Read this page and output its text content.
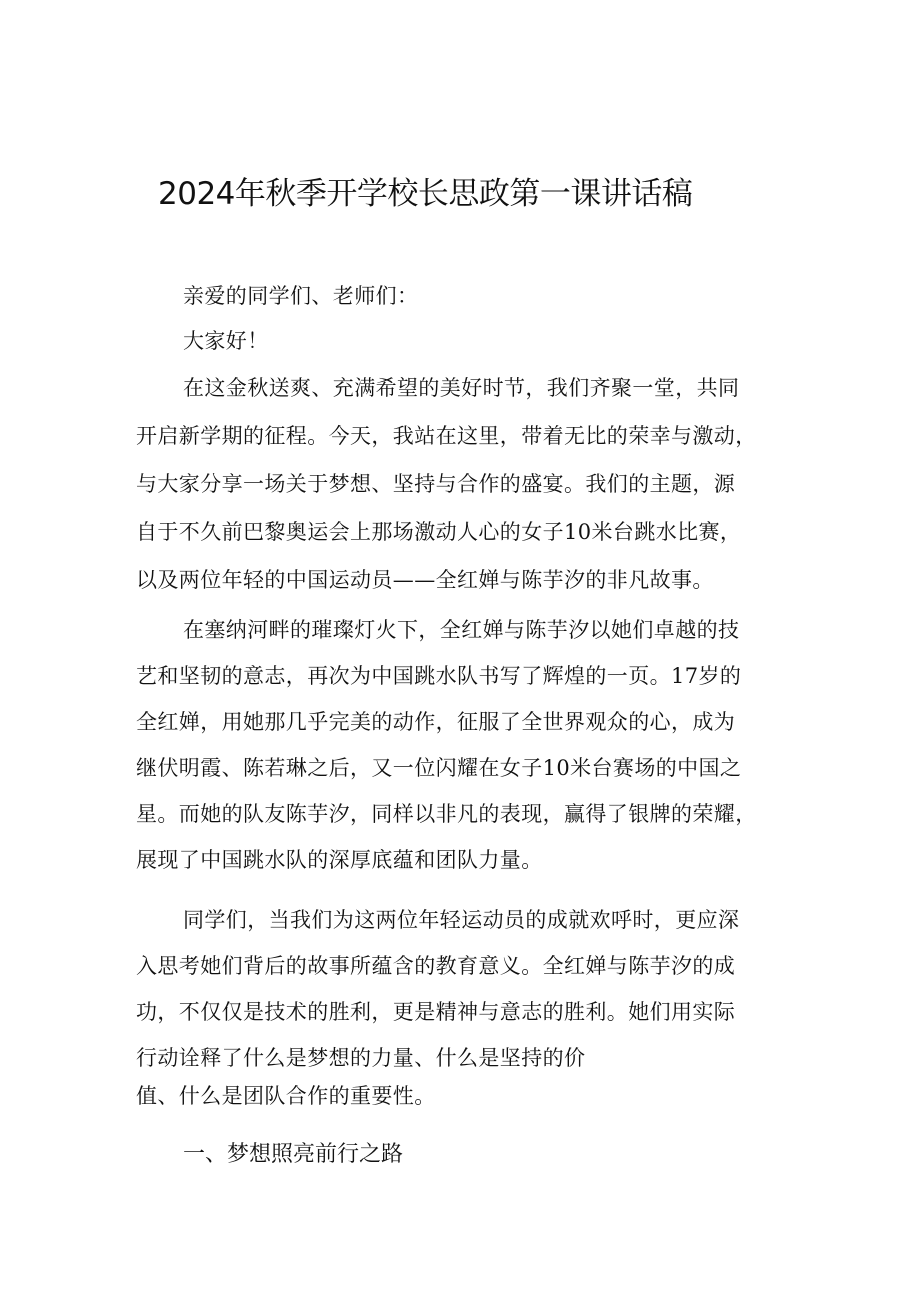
2024年秋季开学校长思政第一课讲话稿
亲爱的同学们、老师们：
大家好！
在这金秋送爽、充满希望的美好时节，我们齐聚一堂，共同
开启新学期的征程。今天，我站在这里，带着无比的荣幸与激动，
与大家分享一场关于梦想、坚持与合作的盛宴。我们的主题，源
自于不久前巴黎奥运会上那场激动人心的女子10米台跳水比赛，
以及两位年轻的中国运动员——全红婵与陈芋汐的非凡故事。
在塞纳河畔的璀璨灯火下，全红婵与陈芋汐以她们卓越的技
艺和坚韧的意志，再次为中国跳水队书写了辉煌的一页。17岁的
全红婵，用她那几乎完美的动作，征服了全世界观众的心，成为
继伏明霞、陈若琳之后，又一位闪耀在女子10米台赛场的中国之
星。而她的队友陈芋汐，同样以非凡的表现，赢得了银牌的荣耀，
展现了中国跳水队的深厚底蕴和团队力量。
同学们，当我们为这两位年轻运动员的成就欢呼时，更应深
入思考她们背后的故事所蕴含的教育意义。全红婵与陈芋汐的成
功，不仅仅是技术的胜利，更是精神与意志的胜利。她们用实际
行动诠释了什么是梦想的力量、什么是坚持的价
值、什么是团队合作的重要性。
一、梦想照亮前行之路
